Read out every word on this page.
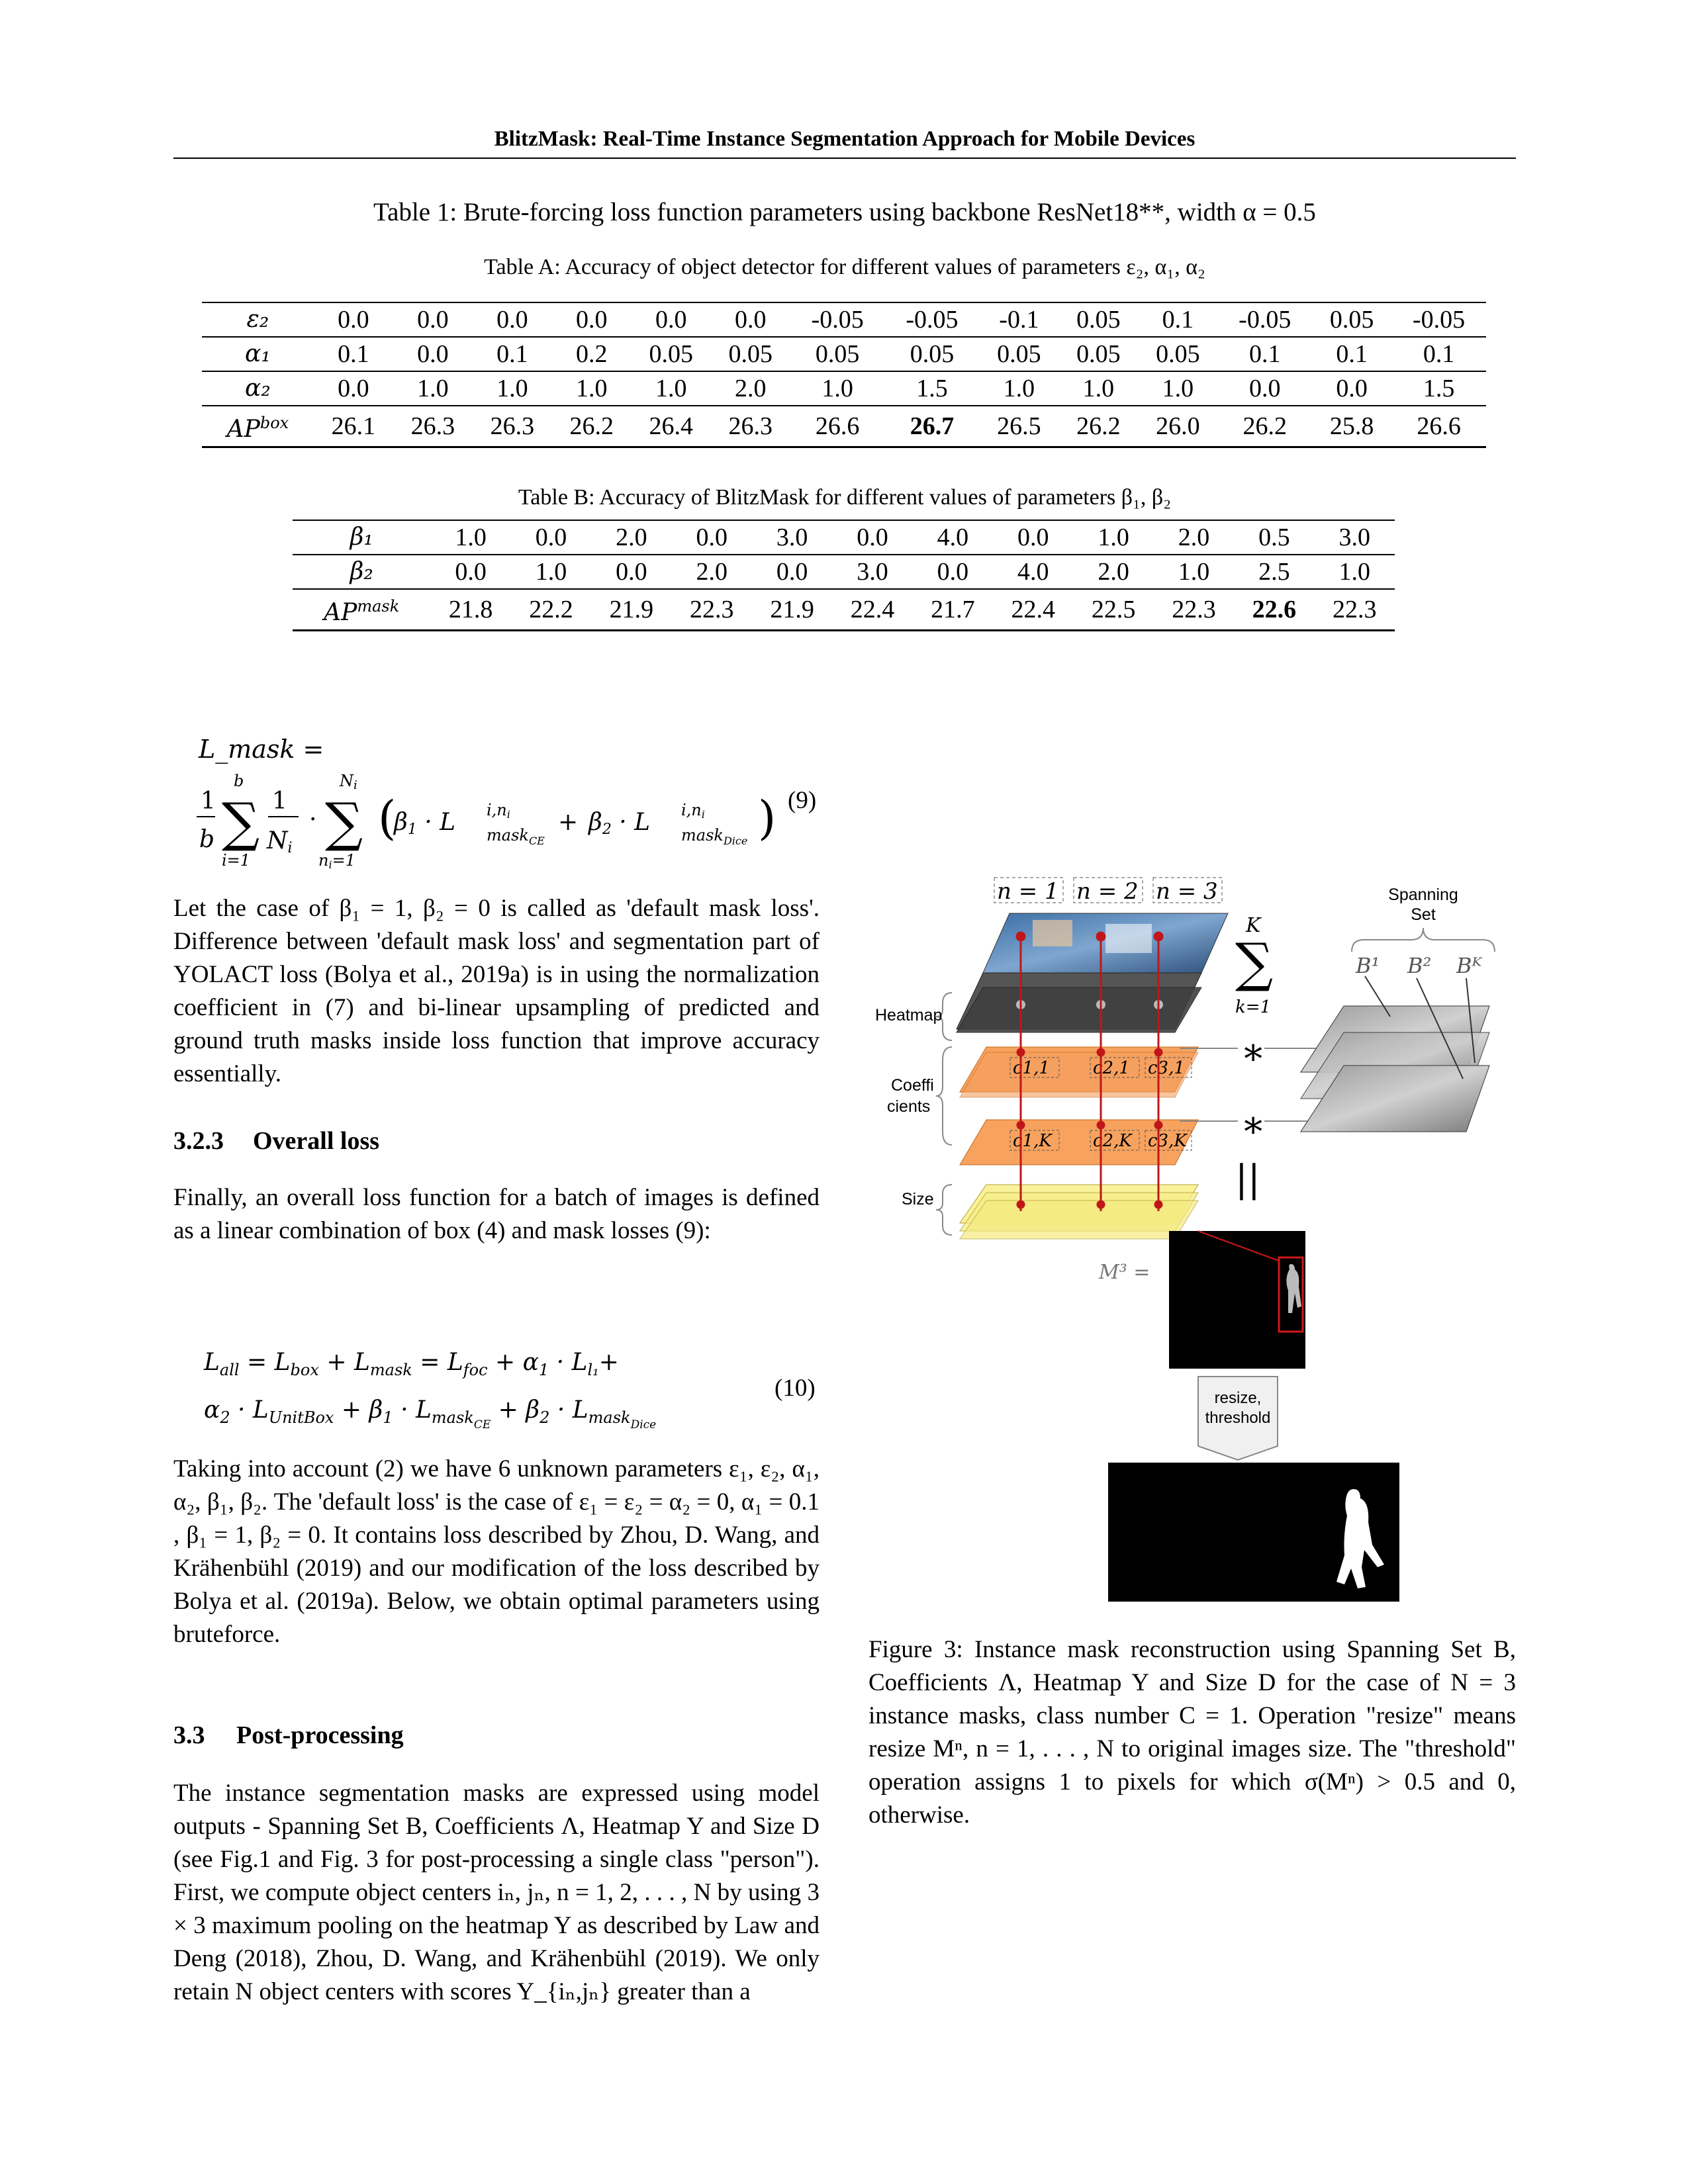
BlitzMask: Real-Time Instance Segmentation Approach for Mobile Devices
Table 1: Brute-forcing loss function parameters using backbone ResNet18**, width α = 0.5
Table A: Accuracy of object detector for different values of parameters ε₂, α₁, α₂
ε₂	0.0	0.0	0.0	0.0	0.0	0.0	-0.05	-0.05	-0.1	0.05	0.1	-0.05	0.05	-0.05
α₁	0.1	0.0	0.1	0.2	0.05	0.05	0.05	0.05	0.05	0.05	0.05	0.1	0.1	0.1
α₂	0.0	1.0	1.0	1.0	1.0	2.0	1.0	1.5	1.0	1.0	1.0	0.0	0.0	1.5
$AP^{box}$	26.1	26.3	26.3	26.2	26.4	26.3	26.6	26.7	26.5	26.2	26.0	26.2	25.8	26.6
Table B: Accuracy of BlitzMask for different values of parameters β₁, β₂
β₁	1.0	0.0	2.0	0.0	3.0	0.0	4.0	0.0	1.0	2.0	0.5	3.0
β₂	0.0	1.0	0.0	2.0	0.0	3.0	0.0	4.0	2.0	1.0	2.5	1.0
$AP^{mask}$	21.8	22.2	21.9	22.3	21.9	22.4	21.7	22.4	22.5	22.3	22.6	22.3
L_mask =
1
b
b
∑
i=1
1
Ni
·
Ni
∑
ni=1
(
β1 · L i,ni
mask$_{CE}$
+ β2 · L i,ni
mask$_{Dice}$ ) (9)
Let the case of β₁ = 1, β₂ = 0 is called as 'default mask loss'. Difference between 'default mask loss' and segmentation part of YOLACT loss (Bolya et al., 2019a) is in using the normalization coefficient in (7) and bi-linear upsampling of predicted and ground truth masks inside loss function that improve accuracy essentially.
3.2.3 Overall loss
Finally, an overall loss function for a batch of images is defined as a linear combination of box (4) and mask losses (9):
$L_{all} = L_{box} + L_{mask} = L_{foc} + \alpha_1 \cdot L_{l_1}+$
$\alpha_2 \cdot L_{UnitBox} + \beta_1 \cdot L_{maskCE} + \beta_2 \cdot L_{maskDice}$
(10)
Taking into account (2) we have 6 unknown parameters ε₁, ε₂, α₁, α₂, β₁, β₂. The 'default loss' is the case of ε₁ = ε₂ = α₂ = 0, α₁ = 0.1 , β₁ = 1, β₂ = 0. It contains loss described by Zhou, D. Wang, and Krähenbühl (2019) and our modification of the loss described by Bolya et al. (2019a). Below, we obtain optimal parameters using bruteforce.
3.3 Post-processing
The instance segmentation masks are expressed using model outputs - Spanning Set B, Coefficients Λ, Heatmap Y and Size D (see Fig.1 and Fig. 3 for post-processing a single class "person"). First, we compute object centers iₙ, jₙ, n = 1, 2, . . . , N by using 3 × 3 maximum pooling on the heatmap Y as described by Law and Deng (2018), Zhou, D. Wang, and Krähenbühl (2019). We only retain N object centers with scores Y_{iₙ,jₙ} greater than a
n = 1 n = 2 n = 3
c1,1	c2,1 c3,1
c1,K c2,K c3,K
Heatmap
Coeffi
cients
Size
K
∑
k=1
∗
∗
||
Spanning
Set
B¹ B² Bᴷ
M³ =
resize,
threshold
Figure 3: Instance mask reconstruction using Spanning Set B, Coefficients Λ, Heatmap Y and Size D for the case of N = 3 instance masks, class number C = 1. Operation "resize" means resize Mⁿ, n = 1, . . . , N to original images size. The "threshold" operation assigns 1 to pixels for which σ(Mⁿ) > 0.5 and 0, otherwise.
